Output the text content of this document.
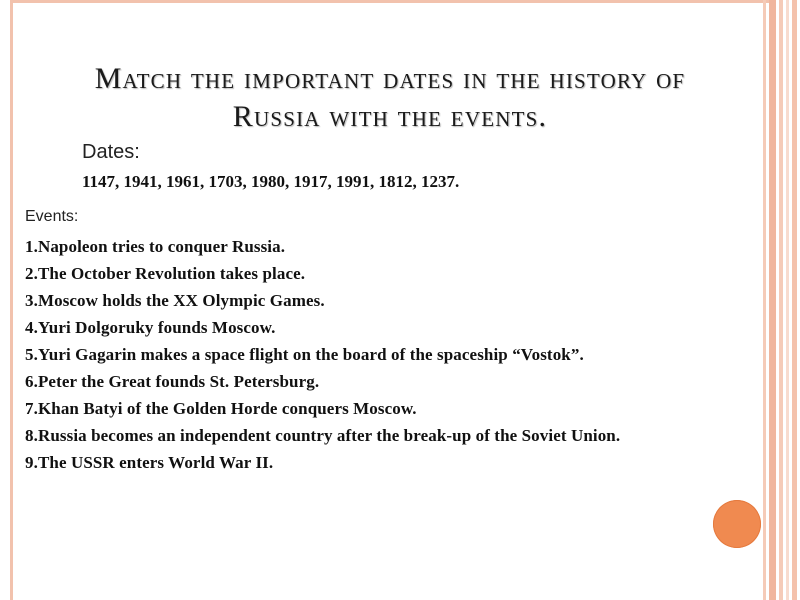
Match the important dates in the history of
Russia with the events.
Dates:
1147, 1941, 1961, 1703, 1980, 1917, 1991, 1812, 1237.
Events:
1.Napoleon tries to conquer Russia.
2.The October Revolution takes place.
3.Moscow holds the XX Olympic Games.
4.Yuri Dolgoruky founds Moscow.
5.Yuri Gagarin makes a space flight on the board of the spaceship “Vostok”.
6.Peter the Great founds St. Petersburg.
7.Khan Batyi of the Golden Horde conquers Moscow.
8.Russia becomes an independent country after the break-up of the Soviet Union.
9.The USSR enters World War II.
